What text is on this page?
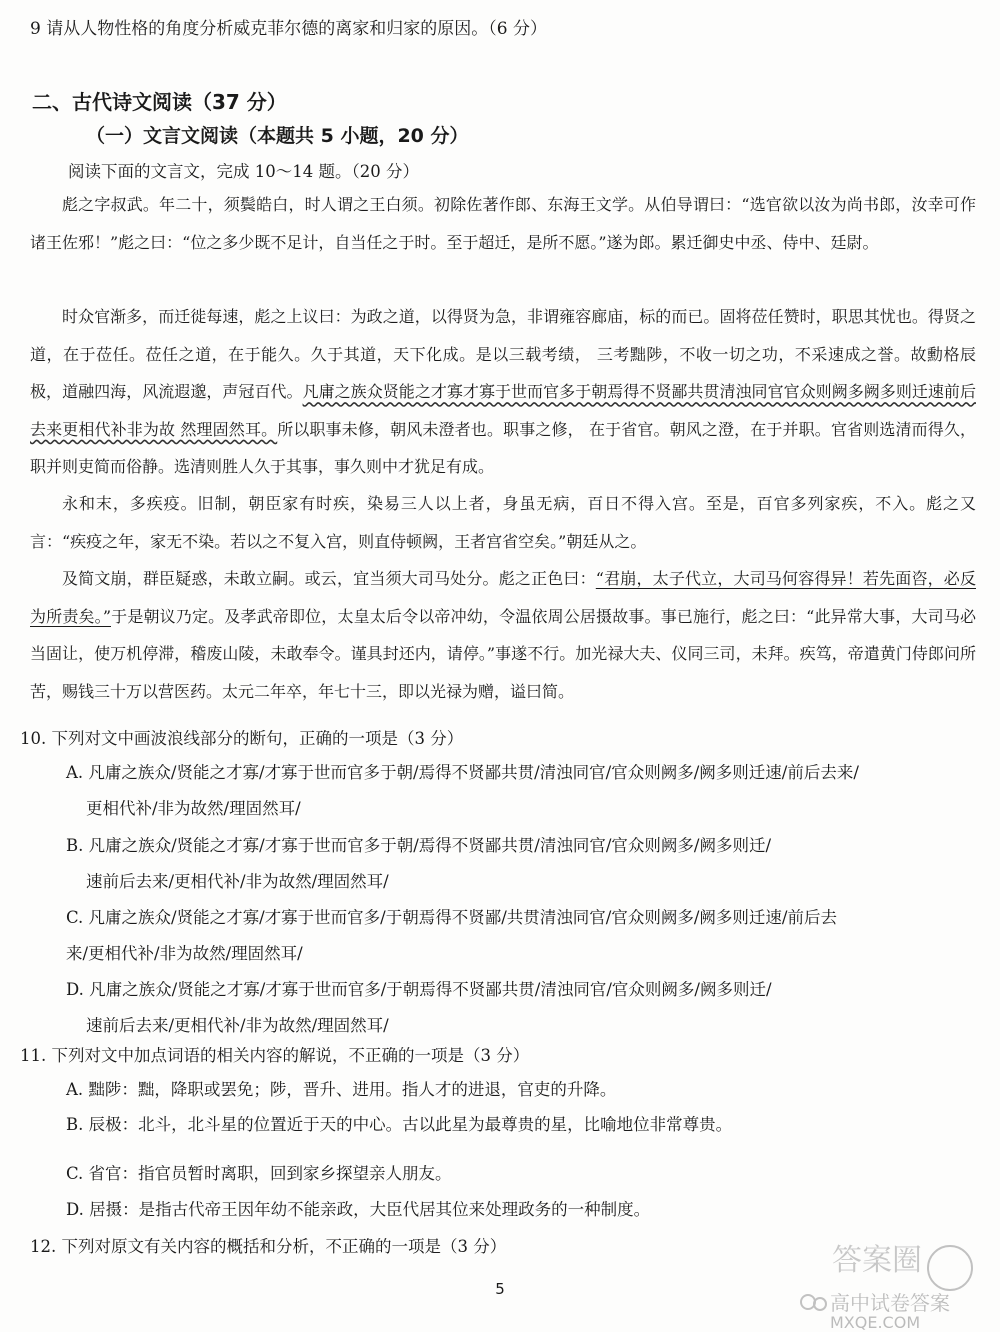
9 请从人物性格的角度分析威克菲尔德的离家和归家的原因。（6 分）
二、古代诗文阅读（37 分）
（一）文言文阅读（本题共 5 小题，20 分）
阅读下面的文言文，完成 10～14 题。（20 分）
彪之字叔武。年二十，须鬓皓白，时人谓之王白须。初除佐著作郎、东海王文学。从伯导谓曰：“选官欲以汝为尚书郎，汝幸可作诸王佐邪！”彪之曰：“位之多少既不足计，自当任之于时。至于超迁，是所不愿。”遂为郎。累迁御史中丞、侍中、廷尉。
时众官渐多，而迁徙每速，彪之上议曰：为政之道，以得贤为急，非谓雍容廊庙，标的而已。固将莅任赞时，职思其忧也。得贤之道，在于莅任。莅任之道，在于能久。久于其道，天下化成。是以三载考绩， 三考黜陟，不收一切之功，不采速成之誉。故勳格辰极，道融四海，风流遐邈，声冠百代。凡庸之族众贤能之才寡才寡于世而官多于朝焉得不贤鄙共贯清浊同官官众则阙多阙多则迁速前后去来更相代补非为故 然理固然耳。所以职事未修，朝风未澄者也。职事之修， 在于省官。朝风之澄，在于并职。官省则选清而得久，职并则吏简而俗静。选清则胜人久于其事，事久则中才犹足有成。
永和末，多疾疫。旧制，朝臣家有时疾，染易三人以上者，身虽无病，百日不得入宫。至是，百官多列家疾，不入。彪之又言：“疾疫之年，家无不染。若以之不复入宫，则直侍顿阙，王者宫省空矣。”朝廷从之。
及简文崩，群臣疑惑，未敢立嗣。或云，宜当须大司马处分。彪之正色曰：“君崩，太子代立，大司马何容得异！若先面咨，必反为所责矣。”于是朝议乃定。及孝武帝即位，太皇太后令以帝冲幼，令温依周公居摄故事。事已施行，彪之曰：“此异常大事，大司马必当固让，使万机停滞，稽废山陵，未敢奉令。谨具封还内，请停。”事遂不行。加光禄大夫、仪同三司，未拜。疾笃，帝遣黄门侍郎问所苦，赐钱三十万以营医药。太元二年卒，年七十三，即以光禄为赠，谥曰简。
10. 下列对文中画波浪线部分的断句，正确的一项是（3 分）
A. 凡庸之族众/贤能之才寡/才寡于世而官多于朝/焉得不贤鄙共贯/清浊同官/官众则阙多/阙多则迁速/前后去来/
更相代补/非为故然/理固然耳/
B. 凡庸之族众/贤能之才寡/才寡于世而官多于朝/焉得不贤鄙共贯/清浊同官/官众则阙多/阙多则迁/
速前后去来/更相代补/非为故然/理固然耳/
C. 凡庸之族众/贤能之才寡/才寡于世而官多/于朝焉得不贤鄙/共贯清浊同官/官众则阙多/阙多则迁速/前后去
来/更相代补/非为故然/理固然耳/
D. 凡庸之族众/贤能之才寡/才寡于世而官多/于朝焉得不贤鄙共贯/清浊同官/官众则阙多/阙多则迁/
速前后去来/更相代补/非为故然/理固然耳/
11. 下列对文中加点词语的相关内容的解说，不正确的一项是（3 分）
A. 黜陟：黜，降职或罢免；陟，晋升、进用。指人才的进退，官吏的升降。
B. 辰极：北斗，北斗星的位置近于天的中心。古以此星为最尊贵的星，比喻地位非常尊贵。
C. 省官：指官员暂时离职，回到家乡探望亲人朋友。
D. 居摄：是指古代帝王因年幼不能亲政，大臣代居其位来处理政务的一种制度。
12. 下列对原文有关内容的概括和分析，不正确的一项是（3 分）
5
答案圈
高中试卷答案
MXQE.COM
